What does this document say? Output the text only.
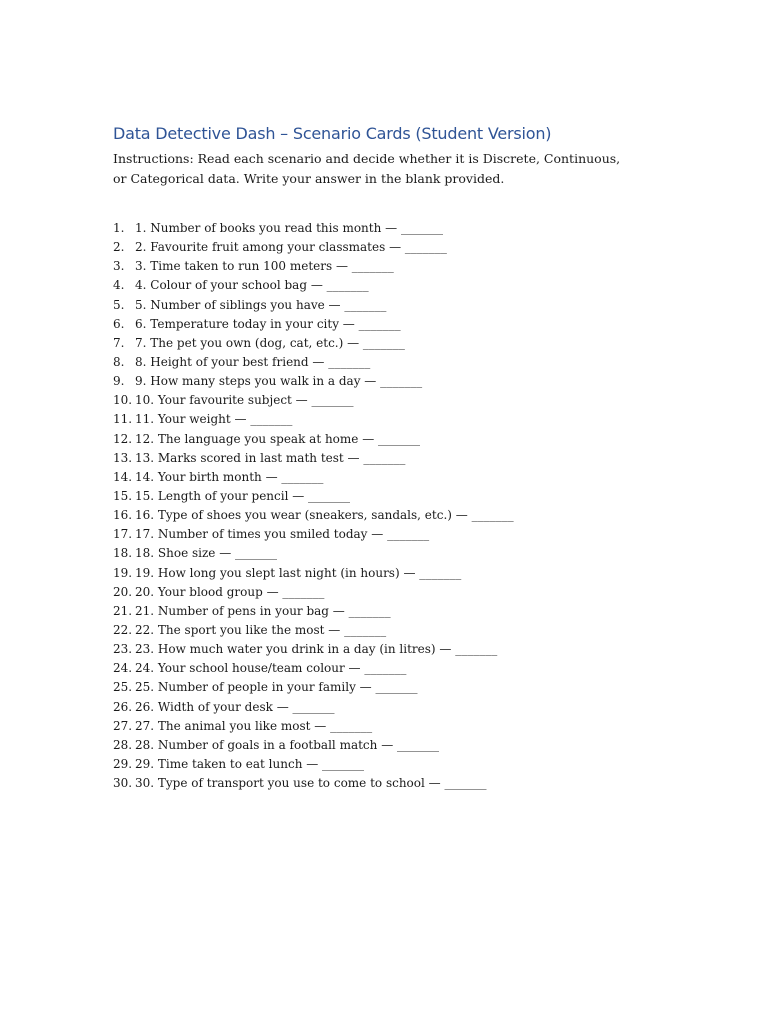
Data Detective Dash – Scenario Cards (Student Version)

Instructions: Read each scenario and decide whether it is Discrete, Continuous, or Categorical data. Write your answer in the blank provided.

1. 1. Number of books you read this month — _______
2. 2. Favourite fruit among your classmates — _______
3. 3. Time taken to run 100 meters — _______
4. 4. Colour of your school bag — _______
5. 5. Number of siblings you have — _______
6. 6. Temperature today in your city — _______
7. 7. The pet you own (dog, cat, etc.) — _______
8. 8. Height of your best friend — _______
9. 9. How many steps you walk in a day — _______
10. 10. Your favourite subject — _______
11. 11. Your weight — _______
12. 12. The language you speak at home — _______
13. 13. Marks scored in last math test — _______
14. 14. Your birth month — _______
15. 15. Length of your pencil — _______
16. 16. Type of shoes you wear (sneakers, sandals, etc.) — _______
17. 17. Number of times you smiled today — _______
18. 18. Shoe size — _______
19. 19. How long you slept last night (in hours) — _______
20. 20. Your blood group — _______
21. 21. Number of pens in your bag — _______
22. 22. The sport you like the most — _______
23. 23. How much water you drink in a day (in litres) — _______
24. 24. Your school house/team colour — _______
25. 25. Number of people in your family — _______
26. 26. Width of your desk — _______
27. 27. The animal you like most — _______
28. 28. Number of goals in a football match — _______
29. 29. Time taken to eat lunch — _______
30. 30. Type of transport you use to come to school — _______
